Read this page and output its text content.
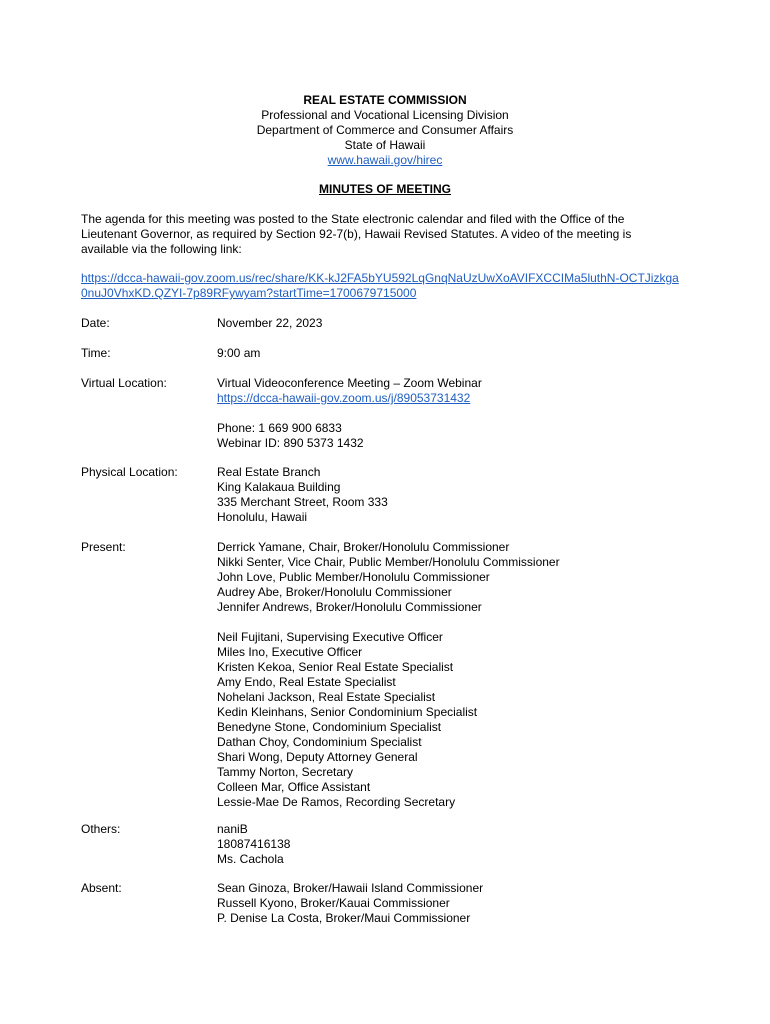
REAL ESTATE COMMISSION
Professional and Vocational Licensing Division
Department of Commerce and Consumer Affairs
State of Hawaii
www.hawaii.gov/hirec
MINUTES OF MEETING
The agenda for this meeting was posted to the State electronic calendar and filed with the Office of the Lieutenant Governor, as required by Section 92-7(b), Hawaii Revised Statutes. A video of the meeting is available via the following link:
https://dcca-hawaii-gov.zoom.us/rec/share/KK-kJ2FA5bYU592LqGnqNaUzUwXoAVIFXCCIMa5luthN-OCTJizkga0nuJ0VhxKD.QZYI-7p89RFywyam?startTime=1700679715000
Date:	November 22, 2023
Time:	9:00 am
Virtual Location:	Virtual Videoconference Meeting – Zoom Webinar
https://dcca-hawaii-gov.zoom.us/j/89053731432
Phone: 1 669 900 6833
Webinar ID: 890 5373 1432
Physical Location:	Real Estate Branch
King Kalakaua Building
335 Merchant Street, Room 333
Honolulu, Hawaii
Present:	Derrick Yamane, Chair, Broker/Honolulu Commissioner
Nikki Senter, Vice Chair, Public Member/Honolulu Commissioner
John Love, Public Member/Honolulu Commissioner
Audrey Abe, Broker/Honolulu Commissioner
Jennifer Andrews, Broker/Honolulu Commissioner
Neil Fujitani, Supervising Executive Officer
Miles Ino, Executive Officer
Kristen Kekoa, Senior Real Estate Specialist
Amy Endo, Real Estate Specialist
Nohelani Jackson, Real Estate Specialist
Kedin Kleinhans, Senior Condominium Specialist
Benedyne Stone, Condominium Specialist
Dathan Choy, Condominium Specialist
Shari Wong, Deputy Attorney General
Tammy Norton, Secretary
Colleen Mar, Office Assistant
Lessie-Mae De Ramos, Recording Secretary
Others:	naniB
18087416138
Ms. Cachola
Absent:	Sean Ginoza, Broker/Hawaii Island Commissioner
Russell Kyono, Broker/Kauai Commissioner
P. Denise La Costa, Broker/Maui Commissioner
